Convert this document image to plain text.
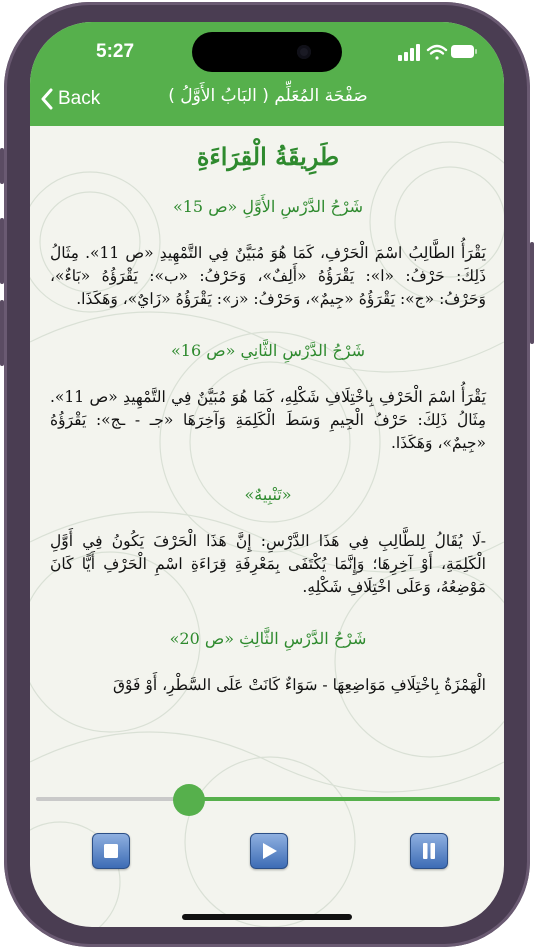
5:27
Back	صَفْحَة المُعَلِّم ( البَابُ الأَوَّلُ )
طَرِيقَةُ الْقِرَاءَةِ
شَرْحُ الدَّرْسِ الأَوَّلِ «ص 15»
يَقْرَأُ الطَّالِبُ اسْمَ الْحَرْفِ، كَمَا هُوَ مُبَيَّنٌ فِي التَّمْهِيدِ «ص 11». مِثَالُ ذَلِكَ: حَرْفُ: «ا»: يَقْرَؤُهُ «أَلِفٌ»، وَحَرْفُ: «ب»: يَقْرَؤُهُ «بَاءٌ»، وَحَرْفُ: «ج»: يَقْرَؤُهُ «جِيمٌ»، وَحَرْفُ: «ز»: يَقْرَؤُهُ «زَايٌ»، وَهَكَذَا.
شَرْحُ الدَّرْسِ الثَّانِي «ص 16»
يَقْرَأُ اسْمَ الْحَرْفِ بِاخْتِلَافِ شَكْلِهِ، كَمَا هُوَ مُبَيَّنٌ فِي التَّمْهِيدِ «ص 11». مِثَالُ ذَلِكَ: حَرْفُ الْجِيمِ وَسَطَ الْكَلِمَةِ وَآخِرَهَا «جـ - ـج»: يَقْرَؤُهُ «جِيمٌ»، وَهَكَذَا.
«تَنْبِيهٌ»
-لَا يُقَالُ لِلطَّالِبِ فِي هَذَا الدَّرْسِ: إِنَّ هَذَا الْحَرْفَ يَكُونُ فِي أَوَّلِ الْكَلِمَةِ، أَوْ آخِرِهَا؛ وَإِنَّمَا يُكْتَفَى بِمَعْرِفَةِ قِرَاءَةِ اسْمِ الْحَرْفِ أَيًّا كَانَ مَوْضِعُهُ، وَعَلَى اخْتِلَافِ شَكْلِهِ.
شَرْحُ الدَّرْسِ الثَّالِثِ «ص 20»
الْهَمْزَةُ بِاخْتِلَافِ مَوَاضِعِهَا - سَوَاءٌ كَانَتْ عَلَى السَّطْرِ، أَوْ فَوْقَ
